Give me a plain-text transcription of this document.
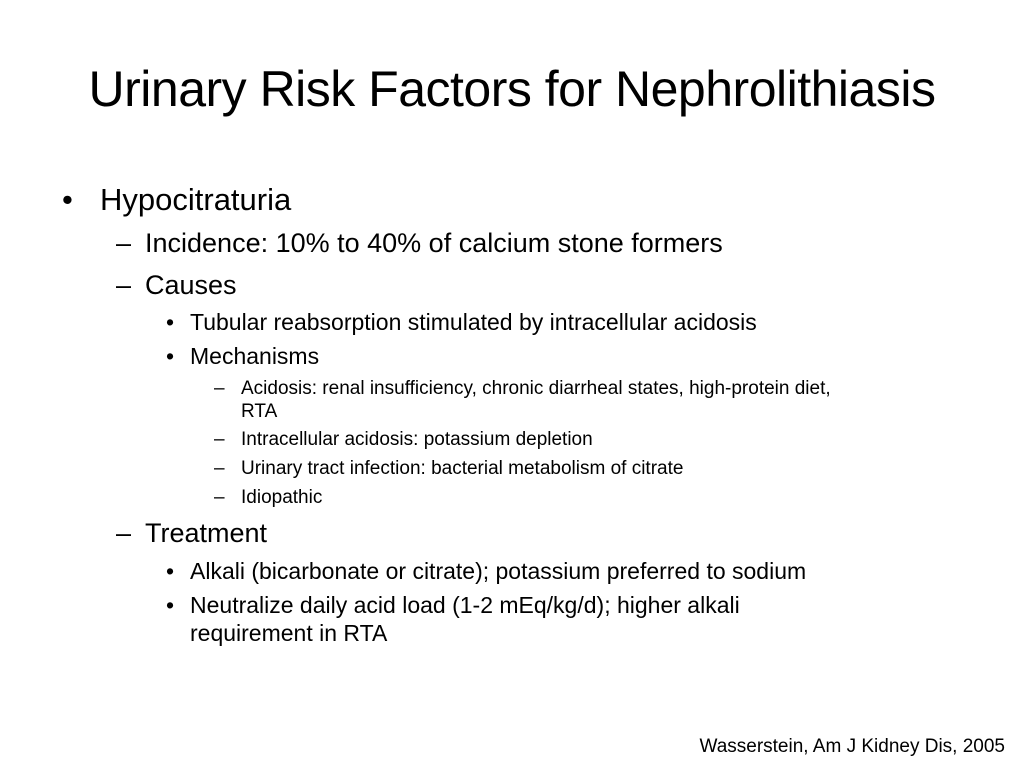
Urinary Risk Factors for Nephrolithiasis
• Hypocitraturia
– Incidence: 10% to 40% of calcium stone formers
– Causes
• Tubular reabsorption stimulated by intracellular acidosis
• Mechanisms
– Acidosis: renal insufficiency, chronic diarrheal states, high-protein diet,
RTA
– Intracellular acidosis: potassium depletion
– Urinary tract infection: bacterial metabolism of citrate
– Idiopathic
– Treatment
• Alkali (bicarbonate or citrate); potassium preferred to sodium
• Neutralize daily acid load (1-2 mEq/kg/d); higher alkali
requirement in RTA
Wasserstein, Am J Kidney Dis, 2005
